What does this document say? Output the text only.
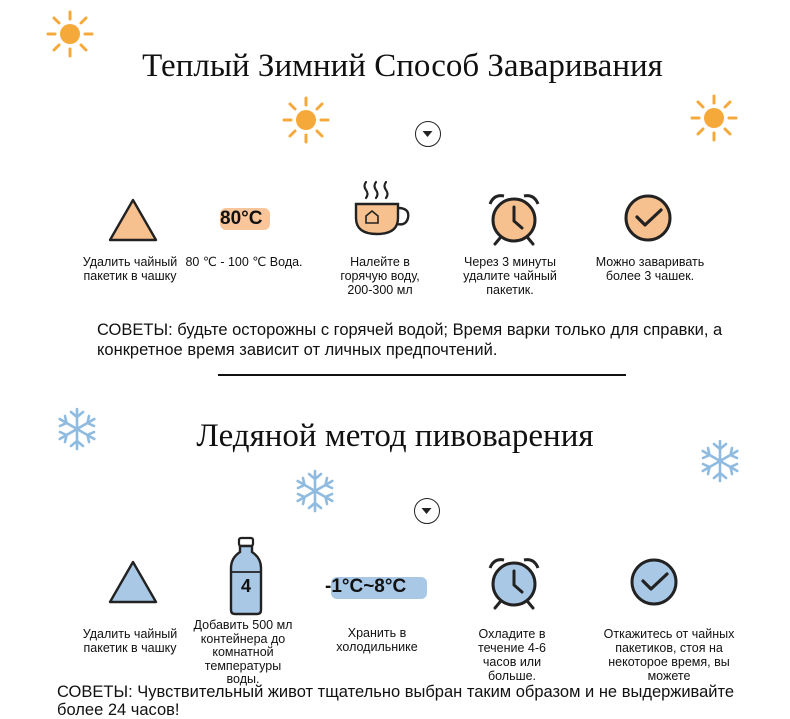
Теплый Зимний Способ Заваривания
80°C
Удалить чайный пакетик в чашку
80 ℃ - 100 ℃ Вода.	Налейте в горячую воду, 200-300 мл
Через 3 минуты удалите чайный пакетик.
Можно заваривать более 3 чашек.
СОВЕТЫ: будьте осторожны с горячей водой; Время варки только для справки, а конкретное время зависит от личных предпочтений.
Ледяной метод пивоварения
4	-1°C~8°C
Удалить чайный пакетик в чашку
Добавить 500 мл контейнера до комнатной температуры воды.
Хранить в холодильнике
Охладите в течение 4-6 часов или больше.
Откажитесь от чайных пакетиков, стоя на некоторое время, вы можете
СОВЕТЫ: Чувствительный живот тщательно выбран таким образом и не выдерживайте более 24 часов!
